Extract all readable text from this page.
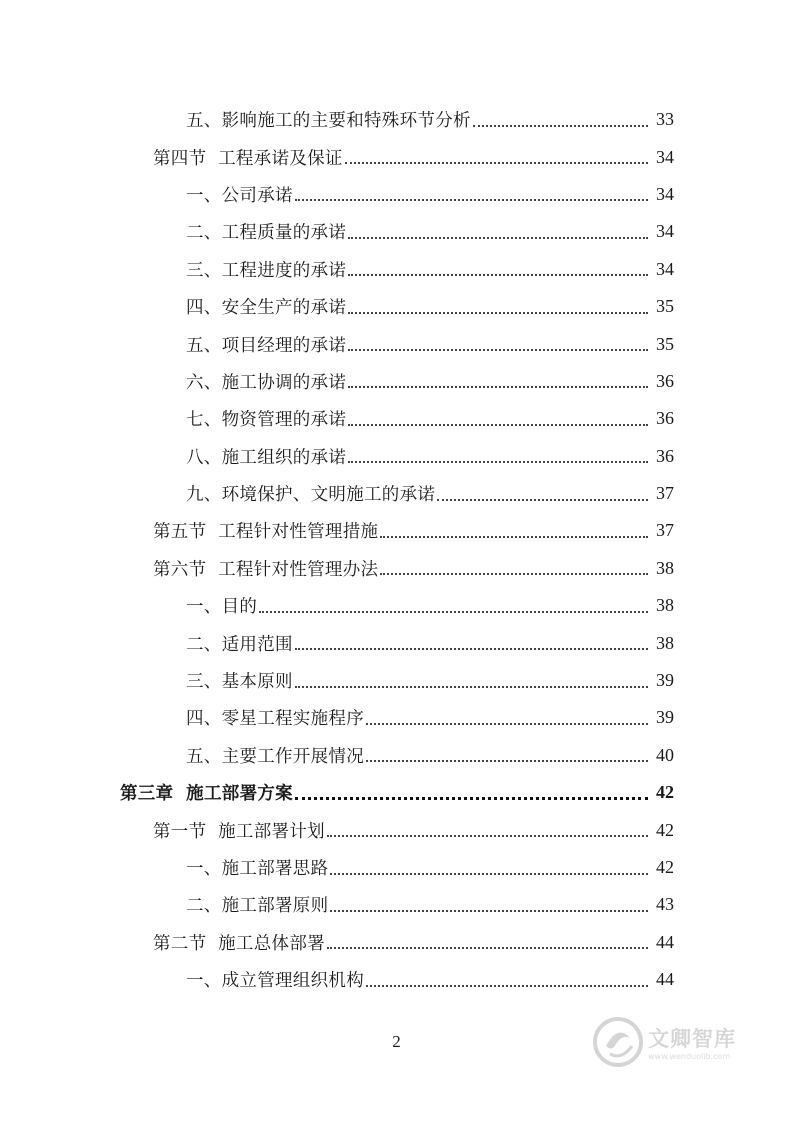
五、影响施工的主要和特殊环节分析	33
第四节  工程承诺及保证	34
一、公司承诺	34
二、工程质量的承诺	34
三、工程进度的承诺	34
四、安全生产的承诺	35
五、项目经理的承诺	35
六、施工协调的承诺	36
七、物资管理的承诺	36
八、施工组织的承诺	36
九、环境保护、文明施工的承诺	37
第五节  工程针对性管理措施	37
第六节  工程针对性管理办法	38
一、目的	38
二、适用范围	38
三、基本原则	39
四、零星工程实施程序	39
五、主要工作开展情况	40
第三章  施工部署方案	42
第一节  施工部署计划	42
一、施工部署思路	42
二、施工部署原则	43
第二节  施工总体部署	44
一、成立管理组织机构	44
2	文卿智库
www.wenduolib.com
